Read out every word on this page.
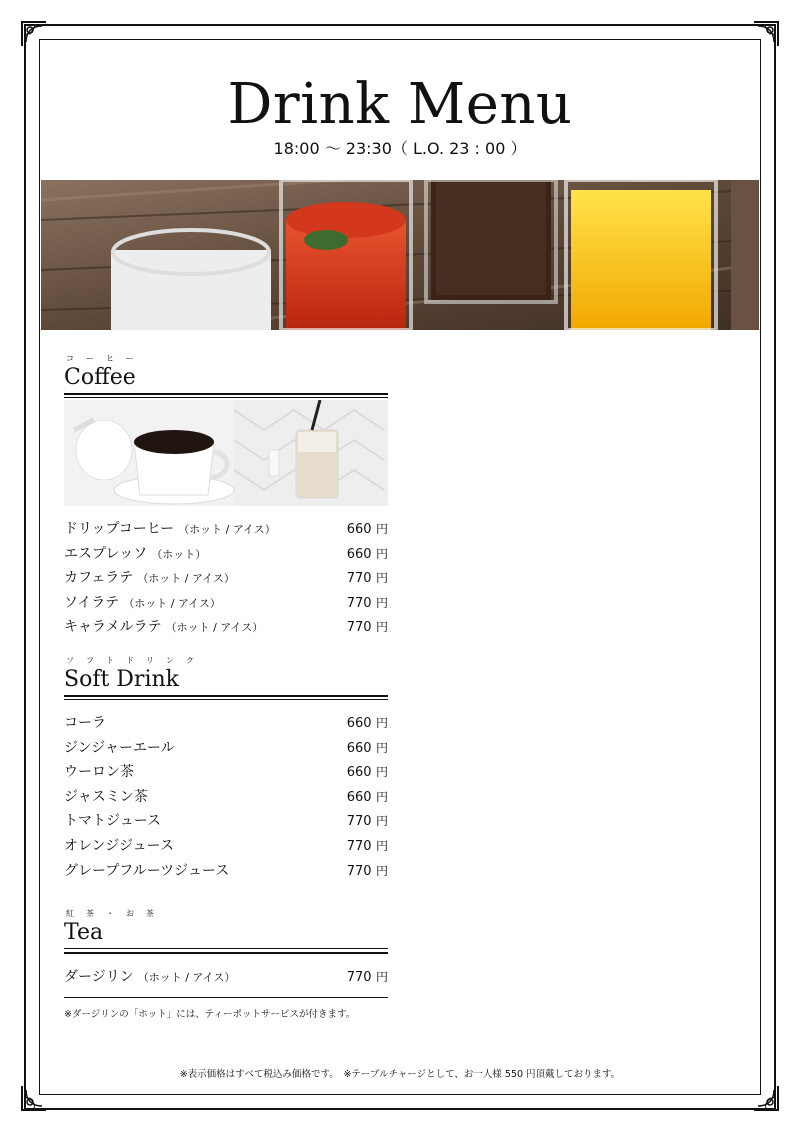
Drink Menu
18:00 ～ 23:30（ L.O. 23 : 00 ）
コーヒー
Coffee
ドリップコーヒー （ホット / アイス）	660 円
エスプレッソ （ホット）	660 円
カフェラテ （ホット / アイス）	770 円
ソイラテ （ホット / アイス）	770 円
キャラメルラテ （ホット / アイス）	770 円
ソフトドリンク
Soft Drink
コーラ	660 円
ジンジャーエール	660 円
ウーロン茶	660 円
ジャスミン茶	660 円
トマトジュース	770 円
オレンジジュース	770 円
グレープフルーツジュース	770 円
紅茶・お茶
Tea
ダージリン （ホット / アイス）	770 円
※ダージリンの「ホット」には、ティーポットサービスが付きます。
※表示価格はすべて税込み価格です。　※テーブルチャージとして、お一人様 550 円頂戴しております。
